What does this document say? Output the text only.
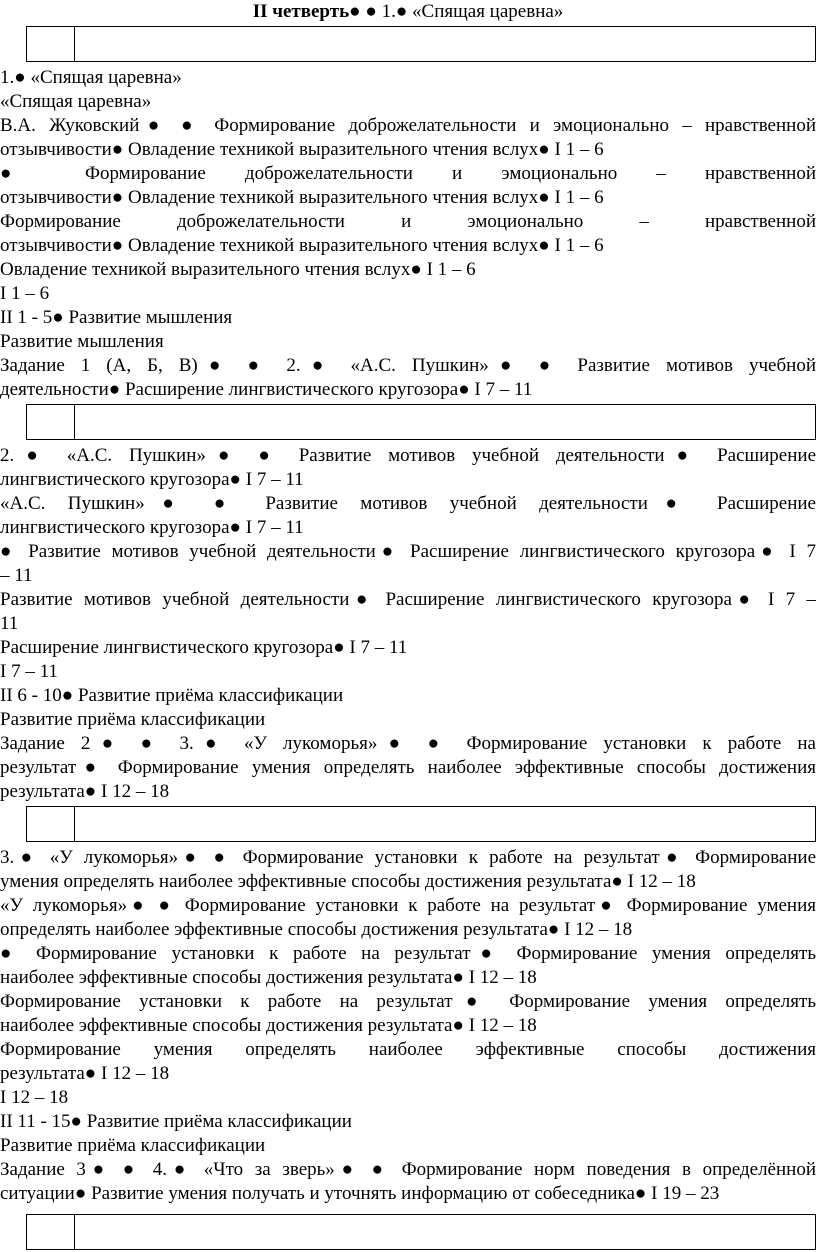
II четверть● ● 1.● «Спящая царевна»
1.● «Спящая царевна»
«Спящая царевна»
В.А. Жуковский● ● Формирование доброжелательности и эмоционально – нравственной
отзывчивости● Овладение техникой выразительного чтения вслух● I 1 – 6
● Формирование доброжелательности и эмоционально – нравственной
отзывчивости● Овладение техникой выразительного чтения вслух● I 1 – 6
Формирование доброжелательности и эмоционально – нравственной
отзывчивости● Овладение техникой выразительного чтения вслух● I 1 – 6
Овладение техникой выразительного чтения вслух● I 1 – 6
I 1 – 6
II 1 - 5● Развитие мышления
Развитие мышления
Задание 1 (А, Б, В)● ● 2.● «А.С. Пушкин»● ● Развитие мотивов учебной
деятельности● Расширение лингвистического кругозора● I 7 – 11
2.● «А.С. Пушкин»● ● Развитие мотивов учебной деятельности● Расширение
лингвистического кругозора● I 7 – 11
«А.С. Пушкин»● ● Развитие мотивов учебной деятельности● Расширение
лингвистического кругозора● I 7 – 11
● Развитие мотивов учебной деятельности● Расширение лингвистического кругозора● I 7
– 11
Развитие мотивов учебной деятельности● Расширение лингвистического кругозора● I 7 –
11
Расширение лингвистического кругозора● I 7 – 11
I 7 – 11
II 6 - 10● Развитие приёма классификации
Развитие приёма классификации
Задание 2● ● 3.● «У лукоморья»● ● Формирование установки к работе на
результат● Формирование умения определять наиболее эффективные способы достижения
результата● I 12 – 18
3.● «У лукоморья»● ● Формирование установки к работе на результат● Формирование
умения определять наиболее эффективные способы достижения результата● I 12 – 18
«У лукоморья»● ● Формирование установки к работе на результат● Формирование умения
определять наиболее эффективные способы достижения результата● I 12 – 18
● Формирование установки к работе на результат● Формирование умения определять
наиболее эффективные способы достижения результата● I 12 – 18
Формирование установки к работе на результат● Формирование умения определять
наиболее эффективные способы достижения результата● I 12 – 18
Формирование умения определять наиболее эффективные способы достижения
результата● I 12 – 18
I 12 – 18
II 11 - 15● Развитие приёма классификации
Развитие приёма классификации
Задание 3● ● 4.● «Что за зверь»● ● Формирование норм поведения в определённой
ситуации● Развитие умения получать и уточнять информацию от собеседника● I 19 – 23
